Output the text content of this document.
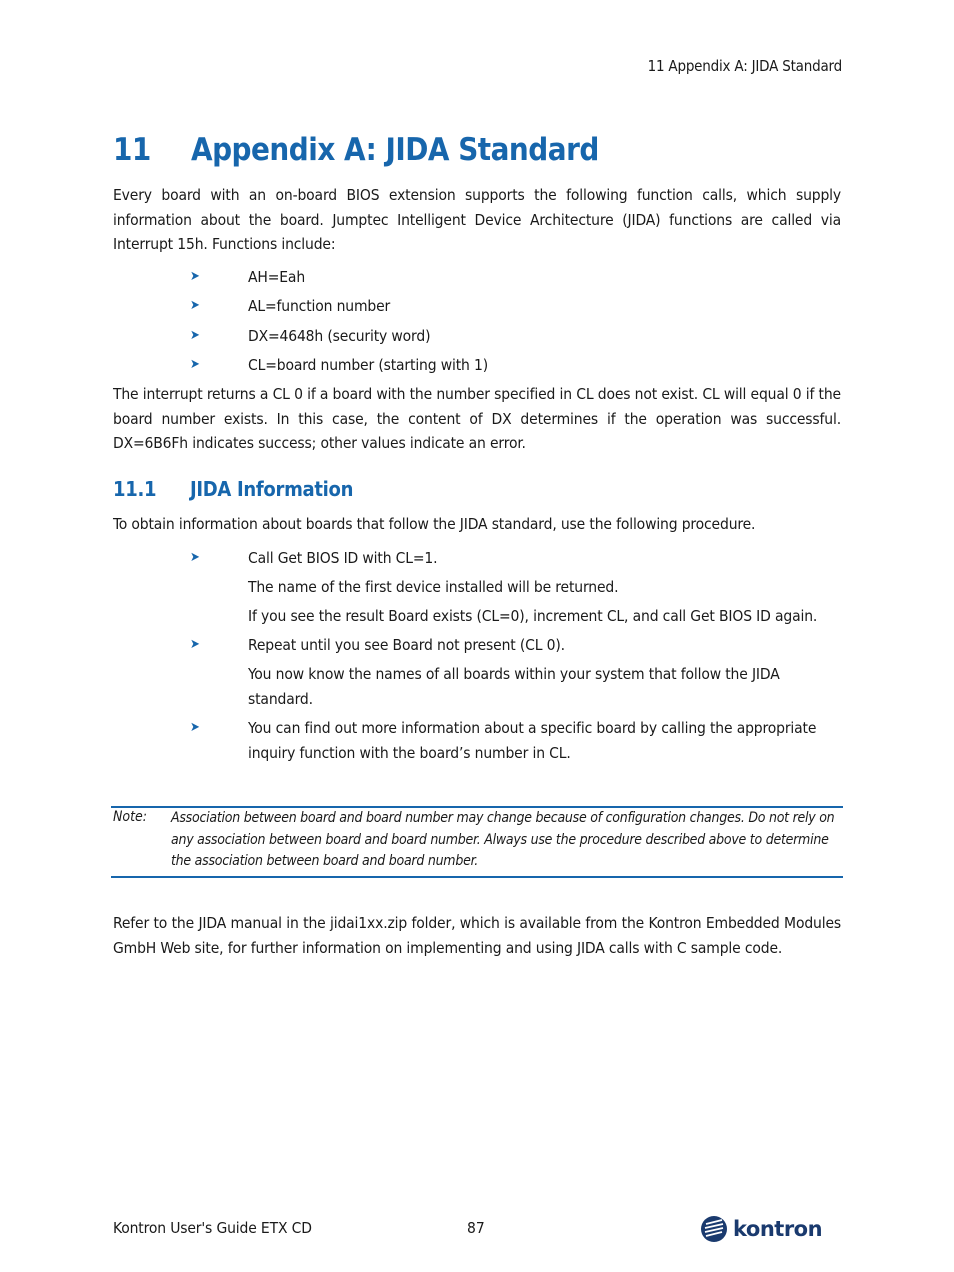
11 Appendix A: JIDA Standard
11 Appendix A: JIDA Standard
Every board with an on-board BIOS extension supports the following function calls, which supply information about the board. Jumptec Intelligent Device Architecture (JIDA) functions are called via Interrupt 15h. Functions include:
➤	AH=Eah
➤	AL=function number
➤	DX=4648h (security word)
➤	CL=board number (starting with 1)
The interrupt returns a CL 0 if a board with the number specified in CL does not exist. CL will equal 0 if the board number exists. In this case, the content of DX determines if the operation was successful. DX=6B6Fh indicates success; other values indicate an error.
11.1 JIDA Information
To obtain information about boards that follow the JIDA standard, use the following procedure.
➤	Call Get BIOS ID with CL=1.
The name of the first device installed will be returned.
If you see the result Board exists (CL=0), increment CL, and call Get BIOS ID again.
➤	Repeat until you see Board not present (CL 0).
You now know the names of all boards within your system that follow the JIDA standard.
➤	You can find out more information about a specific board by calling the appropriate inquiry function with the board’s number in CL.
Note: Association between board and board number may change because of configuration changes. Do not rely on any association between board and board number. Always use the procedure described above to determine the association between board and board number.
Refer to the JIDA manual in the jidai1xx.zip folder, which is available from the Kontron Embedded Modules GmbH Web site, for further information on implementing and using JIDA calls with C sample code.
Kontron User's Guide ETX CD	87	kontron
